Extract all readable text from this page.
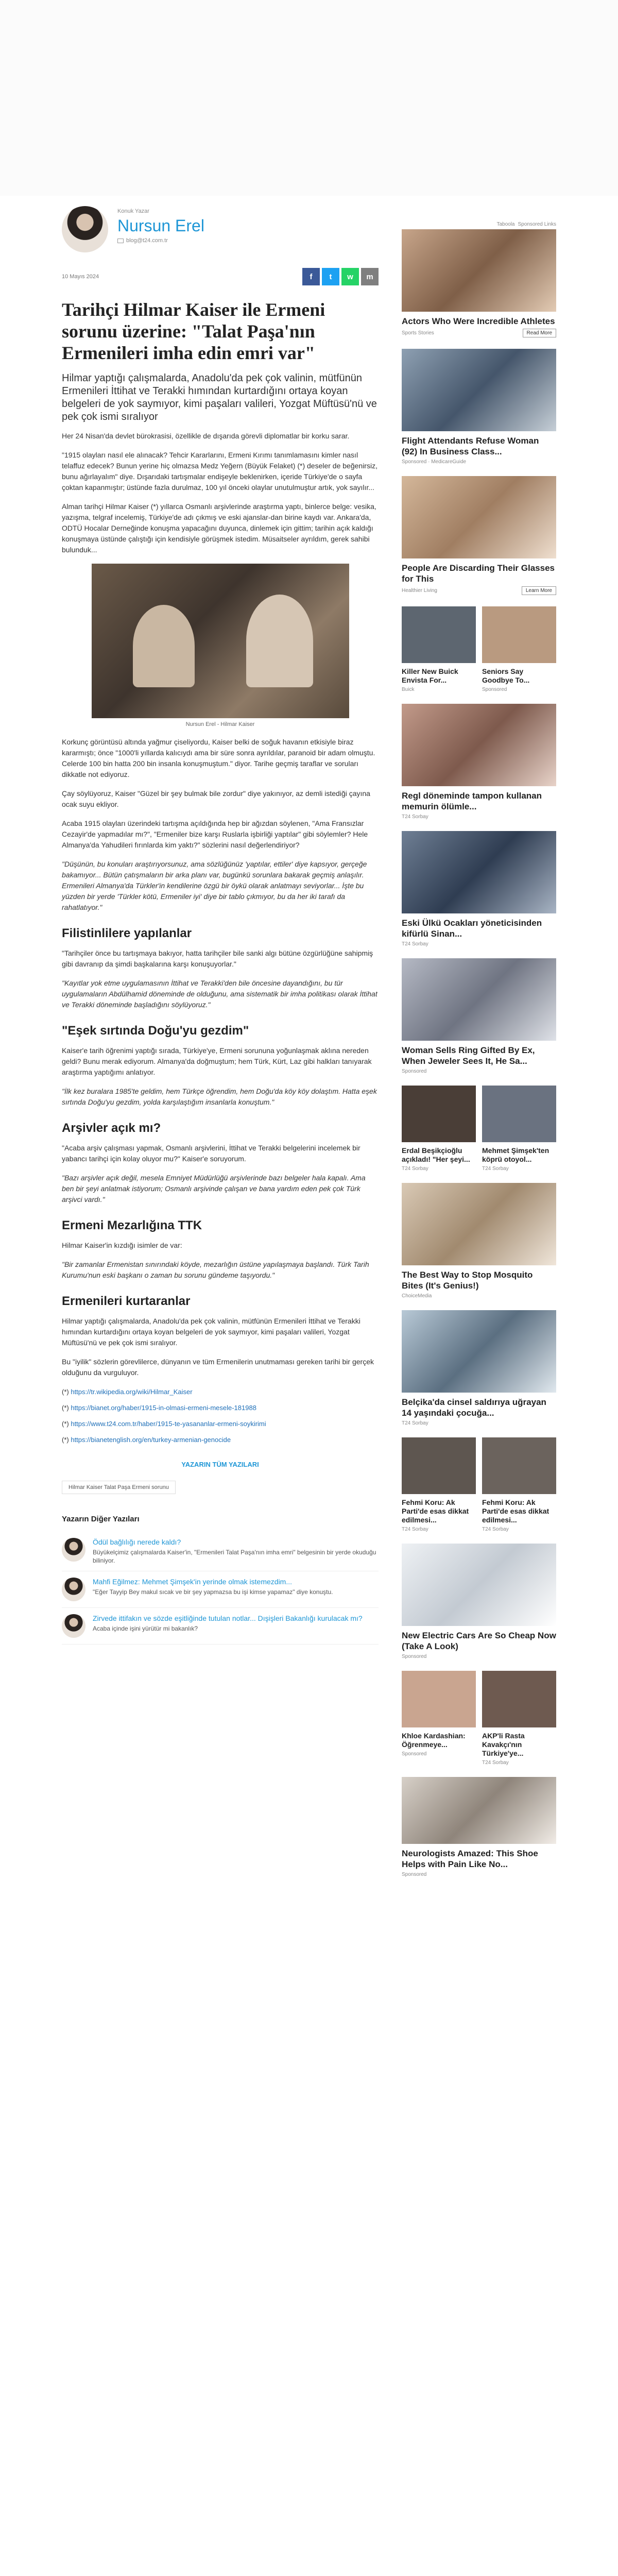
Konuk Yazar
Nursun Erel
blog@t24.com.tr
10 Mayıs 2024	f	t	w	m
Tarihçi Hilmar Kaiser ile Ermeni sorunu üzerine: "Talat Paşa'nın Ermenileri imha edin emri var"
Hilmar yaptığı çalışmalarda, Anadolu'da pek çok valinin, mütfünün Ermenileri İttihat ve Terakki hımından kurtardığını ortaya koyan belgeleri de yok saymıyor, kimi paşaları valileri, Yozgat Müftüsü'nü ve pek çok ismi sıralıyor

Her 24 Nisan'da devlet bürokrasisi, özellikle de dışarıda görevli diplomatlar bir korku sarar.

"1915 olayları nasıl ele alınacak? Tehcir Kararlarını, Ermeni Kırımı tanımlamasını kimler nasıl telaffuz edecek? Bunun yerine hiç olmazsa Medz Yeğern (Büyük Felaket) (*) deseler de beğenirsiz, bunu ağırlayalım" diye. Dışarıdaki tartışmalar endişeyle beklenirken, içeride Türkiye'de o sayfa çoktan kapanmıştır; üstünde fazla durulmaz, 100 yıl önceki olaylar unutulmuştur artık, yok sayılır...

Alman tarihçi Hilmar Kaiser (*) yıllarca Osmanlı arşivlerinde araştırma yaptı, binlerce belge: vesika, yazışma, telgraf incelemiş, Türkiye'de adı çıkmış ve eski ajanslar-dan birine kaydı var. Ankara'da, ODTÜ Hocalar Derneğinde konuşma yapacağını duyunca, dinlemek için gittim; tarihin açık kaldığı konuşmaya üstünde çalıştığı için kendisiyle görüşmek istedim. Müsaitseler ayrıldım, gerek sahibi bulunduk...

Nursun Erel - Hilmar Kaiser

Korkunç görüntüsü altında yağmur çiseliyordu, Kaiser belki de soğuk havanın etkisiyle biraz kararmıştı; önce "1000'li yıllarda kalıcıydı ama bir süre sonra ayrıldılar, paranoid bir adam olmuştu. Celerde 100 bin hatta 200 bin insanla konuşmuştum." diyor. Tarihe geçmiş taraflar ve soruları dikkatle not ediyoruz.

Çay söylüyoruz, Kaiser "Güzel bir şey bulmak bile zordur" diye yakınıyor, az demli istediği çayına ocak suyu ekliyor.

Acaba 1915 olayları üzerindeki tartışma açıldığında hep bir ağızdan söylenen, "Ama Fransızlar Cezayir'de yapmadılar mı?", "Ermeniler bize karşı Ruslarla işbirliği yaptılar" gibi söylemler? Hele Almanya'da Yahudileri fırınlarda kim yaktı?" sözlerini nasıl değerlendiriyor?

"Düşünün, bu konuları araştırıyorsunuz, ama sözlüğünüz 'yaptılar, ettiler' diye kapsıyor, gerçeğe bakamıyor... Bütün çatışmaların bir arka planı var, bugünkü sorunlara bakarak geçmiş anlaşılır. Ermenileri Almanya'da Türkler'in kendilerine özgü bir öykü olarak anlatmayı seviyorlar... İşte bu yüzden bir yerde 'Türkler kötü, Ermeniler iyi' diye bir tablo çıkmıyor, bu da her iki tarafı da rahatlatıyor."

Filistinlilere yapılanlar

"Tarihçiler önce bu tartışmaya bakıyor, hatta tarihçiler bile sanki algı bütüne özgürlüğüne sahipmiş gibi davranıp da şimdi başkalarına karşı konuşuyorlar."

"Kayıtlar yok etme uygulamasının İttihat ve Terakki'den bile öncesine dayandığını, bu tür uygulamaların Abdülhamid döneminde de olduğunu, ama sistematik bir imha politikası olarak İttihat ve Terakki döneminde başladığını söylüyoruz."

"Eşek sırtında Doğu'yu gezdim"

Kaiser'e tarih öğrenimi yaptığı sırada, Türkiye'ye, Ermeni sorununa yoğunlaşmak aklına nereden geldi? Bunu merak ediyorum. Almanya'da doğmuştum; hem Türk, Kürt, Laz gibi halkları tanıyarak araştırma yaptığımı anlatıyor.

"İlk kez buralara 1985'te geldim, hem Türkçe öğrendim, hem Doğu'da köy köy dolaştım. Hatta eşek sırtında Doğu'yu gezdim, yolda karşılaştığım insanlarla konuştum."

Arşivler açık mı?

"Acaba arşiv çalışması yapmak, Osmanlı arşivlerini, İttihat ve Terakki belgelerini incelemek bir yabancı tarihçi için kolay oluyor mu?" Kaiser'e soruyorum.

"Bazı arşivler açık değil, mesela Emniyet Müdürlüğü arşivlerinde bazı belgeler hala kapalı. Ama ben bir şeyi anlatmak istiyorum; Osmanlı arşivinde çalışan ve bana yardım eden pek çok Türk arşivci vardı."

Ermeni Mezarlığına TTK

Hilmar Kaiser'in kızdığı isimler de var:

"Bir zamanlar Ermenistan sınırındaki köyde, mezarlığın üstüne yapılaşmaya başlandı. Türk Tarih Kurumu'nun eski başkanı o zaman bu sorunu gündeme taşıyordu."

Ermenileri kurtaranlar

Hilmar yaptığı çalışmalarda, Anadolu'da pek çok valinin, mütfünün Ermenileri İttihat ve Terakki hımından kurtardığını ortaya koyan belgeleri de yok saymıyor, kimi paşaları valileri, Yozgat Müftüsü'nü ve pek çok ismi sıralıyor.

Bu "iyilik" sözlerin görevlilerce, dünyanın ve tüm Ermenilerin unutmaması gereken tarihi bir gerçek olduğunu da vurguluyor.

(*) https://tr.wikipedia.org/wiki/Hilmar_Kaiser

(*) https://bianet.org/haber/1915-in-olmasi-ermeni-mesele-181988

(*) https://www.t24.com.tr/haber/1915-te-yasananlar-ermeni-soykirimi

(*) https://bianetenglish.org/en/turkey-armenian-genocide

YAZARIN TÜM YAZILARI
Hilmar Kaiser Talat Paşa Ermeni sorunu
Yazarın Diğer Yazıları
Ödül bağlılığı nerede kaldı?
Büyükelçimiz çalışmalarda Kaiser'in, "Ermenileri Talat Paşa'nın imha emri" belgesinin bir yerde okuduğu biliniyor.
Mahfi Eğilmez: Mehmet Şimşek'in yerinde olmak istemezdim...
"Eğer Tayyip Bey makul sıcak ve bir şey yapmazsa bu işi kimse yapamaz" diye konuştu.
Zirvede ittifakın ve sözde eşitliğinde tutulan notlar... Dışişleri Bakanlığı kurulacak mı?
Acaba içinde işini yürütür mi bakanlık?
Taboola Sponsored Links
Actors Who Were Incredible Athletes
Sports Stories	Read More
Flight Attendants Refuse Woman (92) In Business Class...
Sponsored · MedicareGuide
People Are Discarding Their Glasses for This
Healthier Living	Learn More
Killer New Buick Envista For...
Buick
Seniors Say Goodbye To...
Sponsored
Regl döneminde tampon kullanan memurin ölümle...
T24 Sorbay
Eski Ülkü Ocakları yöneticisinden kifürlü Sinan...
T24 Sorbay
Woman Sells Ring Gifted By Ex, When Jeweler Sees It, He Sa...
Sponsored
Erdal Beşikçioğlu açıkladı! "Her şeyi...
T24 Sorbay
Mehmet Şimşek'ten köprü otoyol...
T24 Sorbay
The Best Way to Stop Mosquito Bites (It's Genius!)
ChoiceMedia
Belçika'da cinsel saldırıya uğrayan 14 yaşındaki çocuğa...
T24 Sorbay
Fehmi Koru: Ak Parti'de esas dikkat edilmesi...
T24 Sorbay
Fehmi Koru: Ak Parti'de esas dikkat edilmesi...
T24 Sorbay
New Electric Cars Are So Cheap Now (Take A Look)
Sponsored
Khloe Kardashian: Öğrenmeye...
Sponsored
AKP'li Rasta Kavakçı'nın Türkiye'ye...
T24 Sorbay
Neurologists Amazed: This Shoe Helps with Pain Like No...
Sponsored
